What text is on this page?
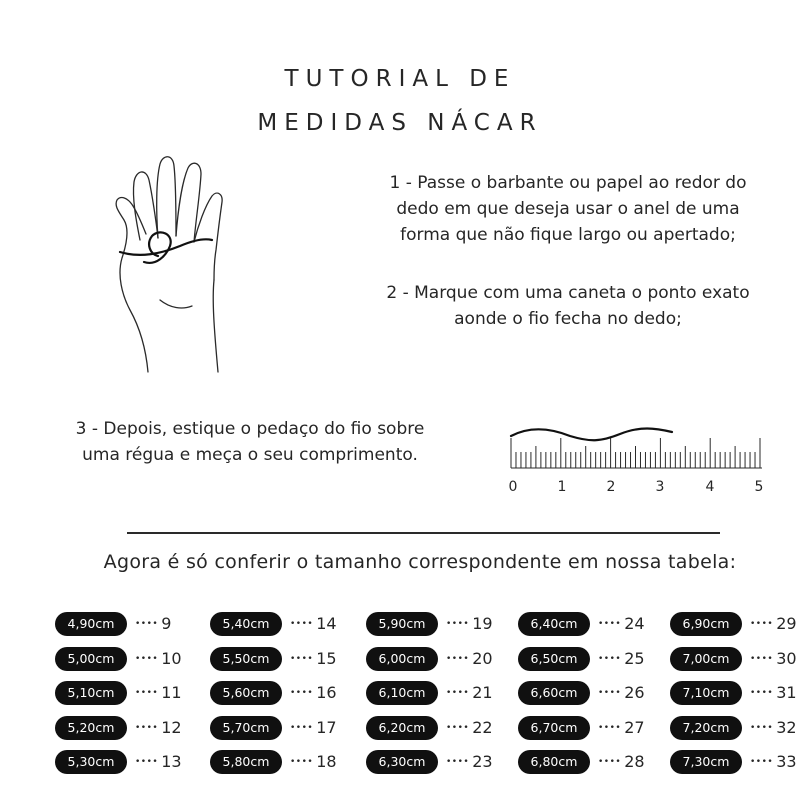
TUTORIAL DE
MEDIDAS NÁCAR
1 - Passe o barbante ou papel ao redor do
dedo em que deseja usar o anel de uma
forma que não fique largo ou apertado;
2 - Marque com uma caneta o ponto exato
aonde o fio fecha no dedo;
3 - Depois, estique o pedaço do fio sobre
uma régua e meça o seu comprimento.
0	1	2	3	4	5
Agora é só conferir o tamanho correspondente em nossa tabela:
4,90cm	•••• 9
5,00cm	•••• 10
5,10cm	•••• 11
5,20cm	•••• 12
5,30cm	•••• 13
5,40cm	•••• 14
5,50cm	•••• 15
5,60cm	•••• 16
5,70cm	•••• 17
5,80cm	•••• 18
5,90cm	•••• 19
6,00cm	•••• 20
6,10cm	•••• 21
6,20cm	•••• 22
6,30cm	•••• 23
6,40cm	•••• 24
6,50cm	•••• 25
6,60cm	•••• 26
6,70cm	•••• 27
6,80cm	•••• 28
6,90cm	•••• 29
7,00cm	•••• 30
7,10cm	•••• 31
7,20cm	•••• 32
7,30cm	•••• 33
